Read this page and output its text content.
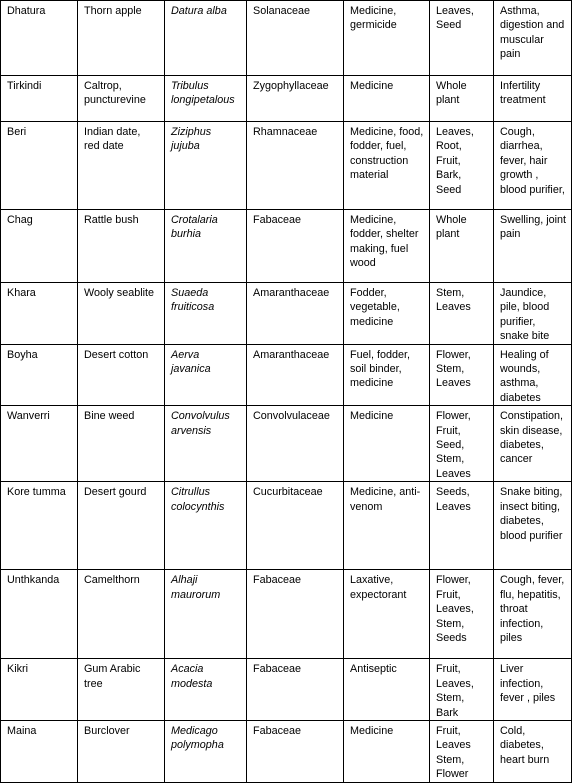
Dhatura	Thorn apple	Datura alba	Solanaceae	Medicine, germicide	Leaves, Seed	Asthma, digestion and muscular pain
Tirkindi	Caltrop, puncturevine	Tribulus longipetalous	Zygophyllaceae	Medicine	Whole plant	Infertility treatment
Beri	Indian date, red date	Ziziphus jujuba	Rhamnaceae	Medicine, food, fodder, fuel, construction material	Leaves, Root, Fruit, Bark, Seed	Cough, diarrhea, fever, hair growth , blood purifier,
Chag	Rattle bush	Crotalaria burhia	Fabaceae	Medicine, fodder, shelter making, fuel wood	Whole plant	Swelling, joint pain
Khara	Wooly seablite	Suaeda fruiticosa	Amaranthaceae	Fodder, vegetable, medicine	Stem, Leaves	Jaundice, pile, blood purifier, snake bite
Boyha	Desert cotton	Aerva javanica	Amaranthaceae	Fuel, fodder, soil binder, medicine	Flower, Stem, Leaves	Healing of wounds, asthma, diabetes
Wanverri	Bine weed	Convolvulus arvensis	Convolvulaceae	Medicine	Flower, Fruit, Seed, Stem, Leaves	Constipation, skin disease, diabetes, cancer
Kore tumma	Desert gourd	Citrullus colocynthis	Cucurbitaceae	Medicine, anti-venom	Seeds, Leaves	Snake biting, insect biting, diabetes, blood purifier
Unthkanda	Camelthorn	Alhaji maurorum	Fabaceae	Laxative, expectorant	Flower, Fruit, Leaves, Stem, Seeds	Cough, fever, flu, hepatitis, throat infection, piles
Kikri	Gum Arabic tree	Acacia modesta	Fabaceae	Antiseptic	Fruit, Leaves, Stem, Bark	Liver infection, fever , piles
Maina	Burclover	Medicago polymopha	Fabaceae	Medicine	Fruit, Leaves Stem, Flower	Cold, diabetes, heart burn
